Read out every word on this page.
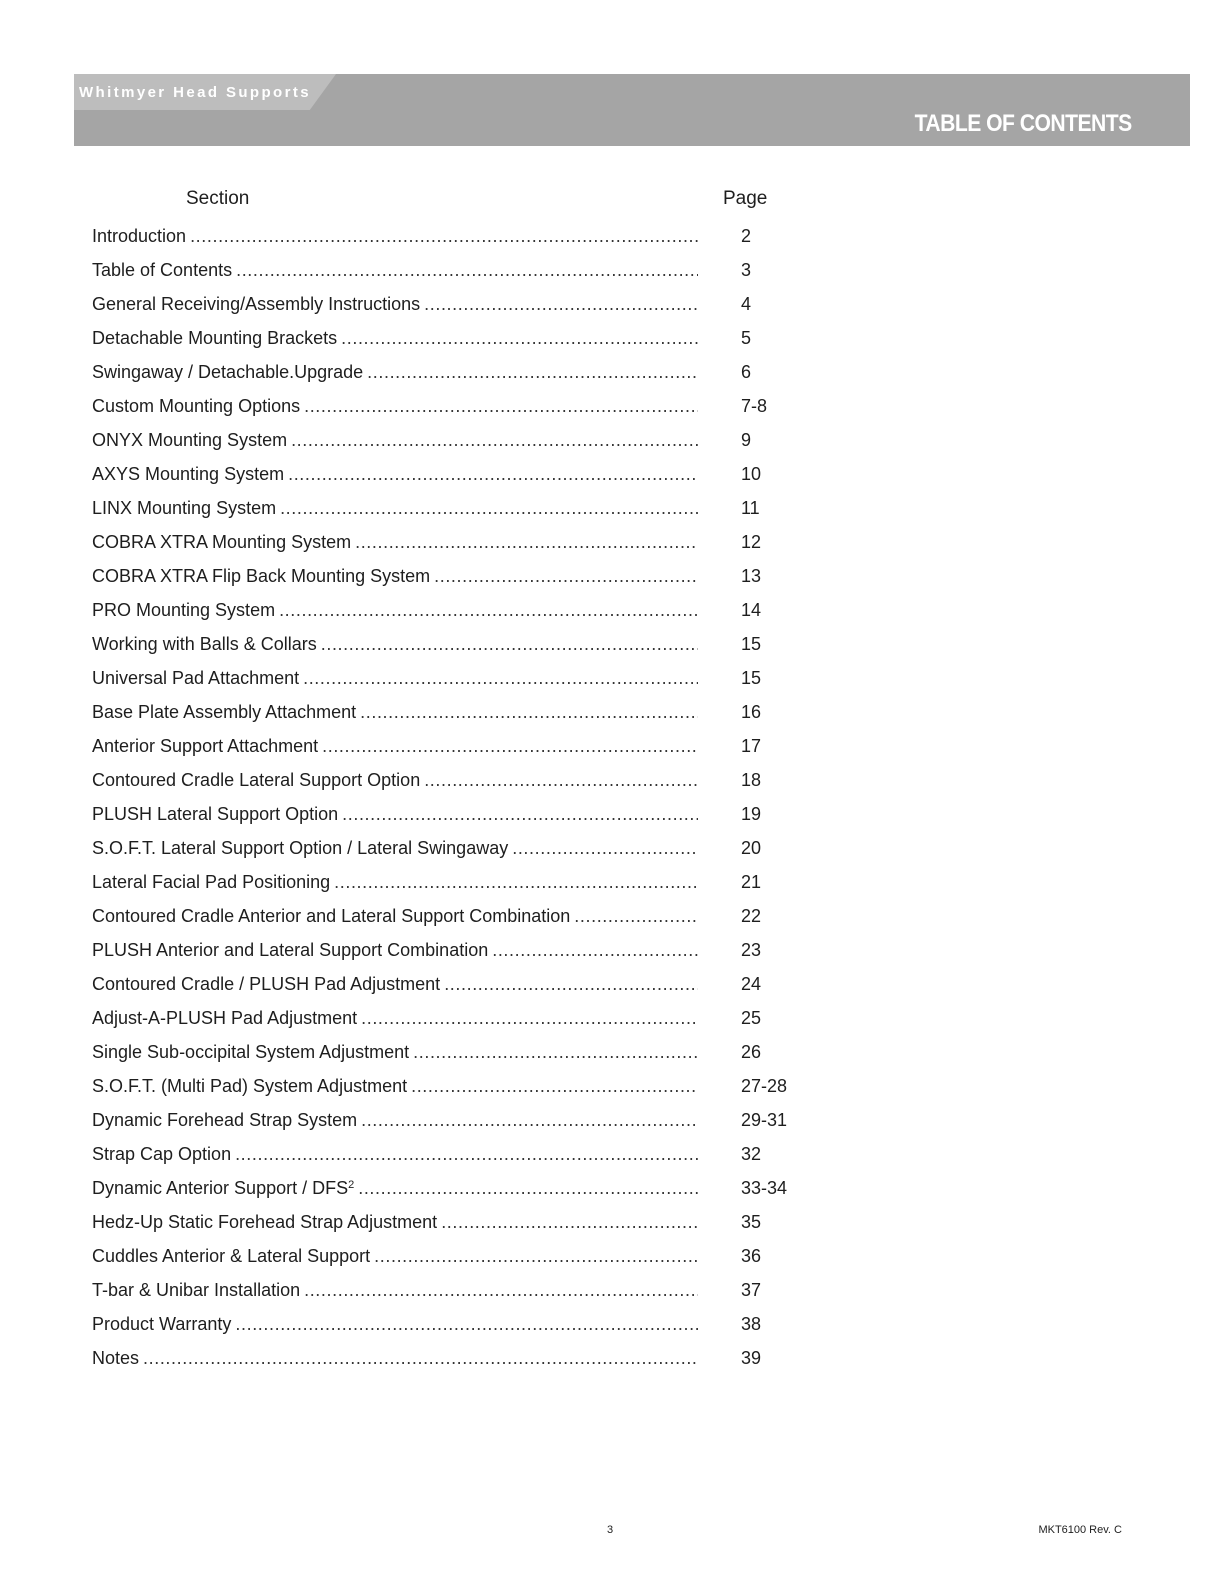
Whitmyer Head Supports
TABLE OF CONTENTS
Section	Page
Introduction .....	2
Table of Contents .....	3
General Receiving/Assembly Instructions .....	4
Detachable Mounting Brackets .....	5
Swingaway / Detachable.Upgrade .....	6
Custom Mounting Options .....	7-8
ONYX Mounting System .....	9
AXYS Mounting System .....	10
LINX Mounting System .....	11
COBRA XTRA Mounting System .....	12
COBRA XTRA Flip Back Mounting System .....	13
PRO Mounting System .....	14
Working with Balls & Collars .....	15
Universal Pad Attachment .....	15
Base Plate Assembly Attachment .....	16
Anterior Support Attachment .....	17
Contoured Cradle Lateral Support Option .....	18
PLUSH Lateral Support Option .....	19
S.O.F.T. Lateral Support Option / Lateral Swingaway .....	20
Lateral Facial Pad Positioning .....	21
Contoured Cradle Anterior and Lateral Support Combination .....	22
PLUSH Anterior and Lateral Support Combination .....	23
Contoured Cradle / PLUSH Pad Adjustment .....	24
Adjust-A-PLUSH Pad Adjustment .....	25
Single Sub-occipital System Adjustment .....	26
S.O.F.T. (Multi Pad) System Adjustment .....	27-28
Dynamic Forehead Strap System .....	29-31
Strap Cap Option .....	32
Dynamic Anterior Support / DFS$^2$ .....	33-34
Hedz-Up Static Forehead Strap Adjustment .....	35
Cuddles Anterior & Lateral Support .....	36
T-bar & Unibar Installation .....	37
Product Warranty .....	38
Notes .....	39
3	MKT6100 Rev. C
